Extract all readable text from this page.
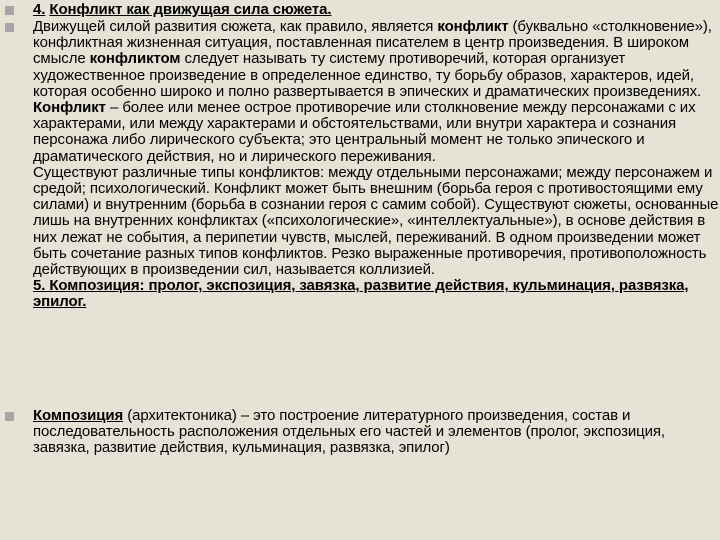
4. Конфликт как движущая сила сюжета.
Движущей силой развития сюжета, как правило, является конфликт (буквально «столкновение»), конфликтная жизненная ситуация, поставленная писателем в центр произведения. В широком смысле конфликтом следует называть ту систему противоречий, которая организует художественное произведение в определенное единство, ту борьбу образов, характеров, идей, которая особенно широко и полно развертывается в эпических и драматических произведениях.
Конфликт – более или менее острое противоречие или столкновение между персонажами с их характерами, или между характерами и обстоятельствами, или внутри характера и сознания персонажа либо лирического субъекта; это центральный момент не только эпического и драматического действия, но и лирического переживания.
Существуют различные типы конфликтов: между отдельными персонажами; между персонажем и средой; психологический. Конфликт может быть внешним (борьба героя с противостоящими ему силами) и внутренним (борьба в сознании героя с самим собой). Существуют сюжеты, основанные лишь на внутренних конфликтах («психологические», «интеллектуальные»), в основе действия в них лежат не события, а перипетии чувств, мыслей, переживаний. В одном произведении может быть сочетание разных типов конфликтов. Резко выраженные противоречия, противоположность действующих в произведении сил, называется коллизией.
5. Композиция: пролог, экспозиция, завязка, развитие действия, кульминация, развязка, эпилог.
Композиция (архитектоника) – это построение литературного произведения, состав и последовательность расположения отдельных его частей и элементов (пролог, экспозиция, завязка, развитие действия, кульминация, развязка, эпилог)
